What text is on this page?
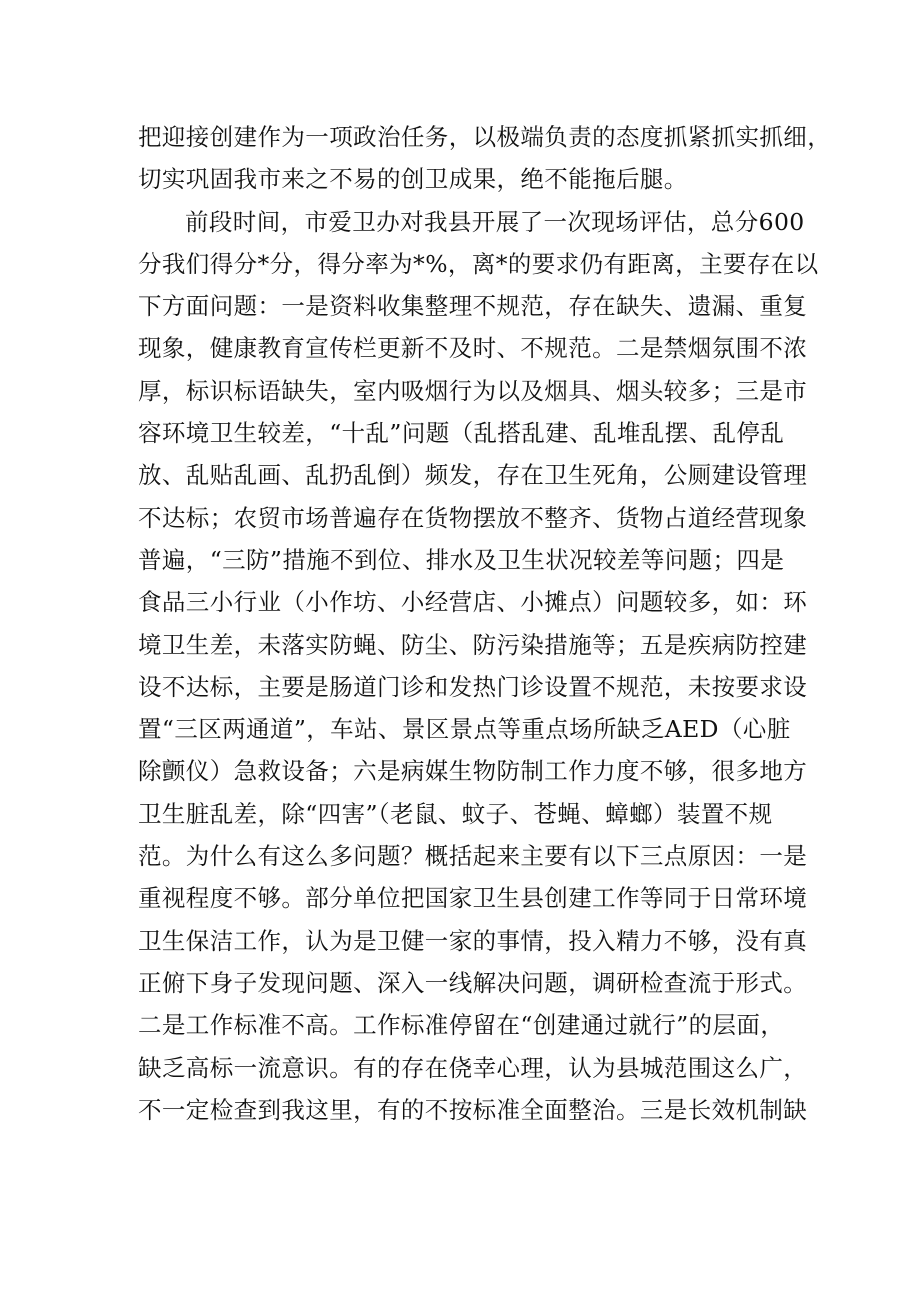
把迎接创建作为一项政治任务，以极端负责的态度抓紧抓实抓细，
切实巩固我市来之不易的创卫成果，绝不能拖后腿。
前段时间，市爱卫办对我县开展了一次现场评估，总分600
分我们得分*分，得分率为*%，离*的要求仍有距离，主要存在以
下方面问题：一是资料收集整理不规范，存在缺失、遗漏、重复
现象，健康教育宣传栏更新不及时、不规范。二是禁烟氛围不浓
厚，标识标语缺失，室内吸烟行为以及烟具、烟头较多；三是市
容环境卫生较差，“十乱”问题（乱搭乱建、乱堆乱摆、乱停乱
放、乱贴乱画、乱扔乱倒）频发，存在卫生死角，公厕建设管理
不达标；农贸市场普遍存在货物摆放不整齐、货物占道经营现象
普遍，“三防”措施不到位、排水及卫生状况较差等问题；四是
食品三小行业（小作坊、小经营店、小摊点）问题较多，如：环
境卫生差，未落实防蝇、防尘、防污染措施等；五是疾病防控建
设不达标，主要是肠道门诊和发热门诊设置不规范，未按要求设
置“三区两通道”，车站、景区景点等重点场所缺乏AED（心脏
除颤仪）急救设备；六是病媒生物防制工作力度不够，很多地方
卫生脏乱差，除“四害”（老鼠、蚊子、苍蝇、蟑螂）装置不规
范。为什么有这么多问题？概括起来主要有以下三点原因：一是
重视程度不够。部分单位把国家卫生县创建工作等同于日常环境
卫生保洁工作，认为是卫健一家的事情，投入精力不够，没有真
正俯下身子发现问题、深入一线解决问题，调研检查流于形式。
二是工作标准不高。工作标准停留在“创建通过就行”的层面，
缺乏高标一流意识。有的存在侥幸心理，认为县城范围这么广，
不一定检查到我这里，有的不按标准全面整治。三是长效机制缺
